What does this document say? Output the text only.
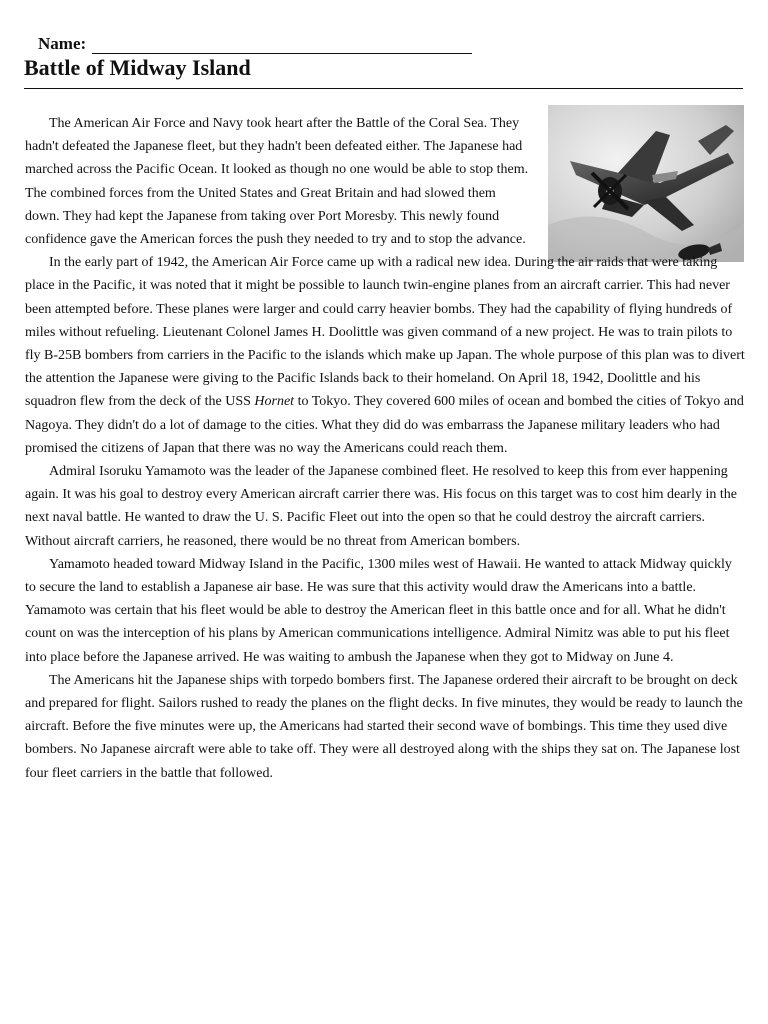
Name:
Battle of Midway Island

The American Air Force and Navy took heart after the Battle of the Coral Sea. They hadn't defeated the Japanese fleet, but they hadn't been defeated either. The Japanese had marched across the Pacific Ocean. It looked as though no one would be able to stop them. The combined forces from the United States and Great Britain and had slowed them down. They had kept the Japanese from taking over Port Moresby. This newly found confidence gave the American forces the push they needed to try and to stop the advance.

In the early part of 1942, the American Air Force came up with a radical new idea. During the air raids that were taking place in the Pacific, it was noted that it might be possible to launch twin-engine planes from an aircraft carrier. This had never been attempted before. These planes were larger and could carry heavier bombs. They had the capability of flying hundreds of miles without refueling. Lieutenant Colonel James H. Doolittle was given command of a new project. He was to train pilots to fly B-25B bombers from carriers in the Pacific to the islands which make up Japan. The whole purpose of this plan was to divert the attention the Japanese were giving to the Pacific Islands back to their homeland. On April 18, 1942, Doolittle and his squadron flew from the deck of the USS Hornet to Tokyo. They covered 600 miles of ocean and bombed the cities of Tokyo and Nagoya. They didn't do a lot of damage to the cities. What they did do was embarrass the Japanese military leaders who had promised the citizens of Japan that there was no way the Americans could reach them.

Admiral Isoruku Yamamoto was the leader of the Japanese combined fleet. He resolved to keep this from ever happening again. It was his goal to destroy every American aircraft carrier there was. His focus on this target was to cost him dearly in the next naval battle. He wanted to draw the U. S. Pacific Fleet out into the open so that he could destroy the aircraft carriers. Without aircraft carriers, he reasoned, there would be no threat from American bombers.

Yamamoto headed toward Midway Island in the Pacific, 1300 miles west of Hawaii. He wanted to attack Midway quickly to secure the land to establish a Japanese air base. He was sure that this activity would draw the Americans into a battle. Yamamoto was certain that his fleet would be able to destroy the American fleet in this battle once and for all. What he didn't count on was the interception of his plans by American communications intelligence. Admiral Nimitz was able to put his fleet into place before the Japanese arrived. He was waiting to ambush the Japanese when they got to Midway on June 4.

The Americans hit the Japanese ships with torpedo bombers first. The Japanese ordered their aircraft to be brought on deck and prepared for flight. Sailors rushed to ready the planes on the flight decks. In five minutes, they would be ready to launch the aircraft. Before the five minutes were up, the Americans had started their second wave of bombings. This time they used dive bombers. No Japanese aircraft were able to take off. They were all destroyed along with the ships they sat on. The Japanese lost four fleet carriers in the battle that followed.
